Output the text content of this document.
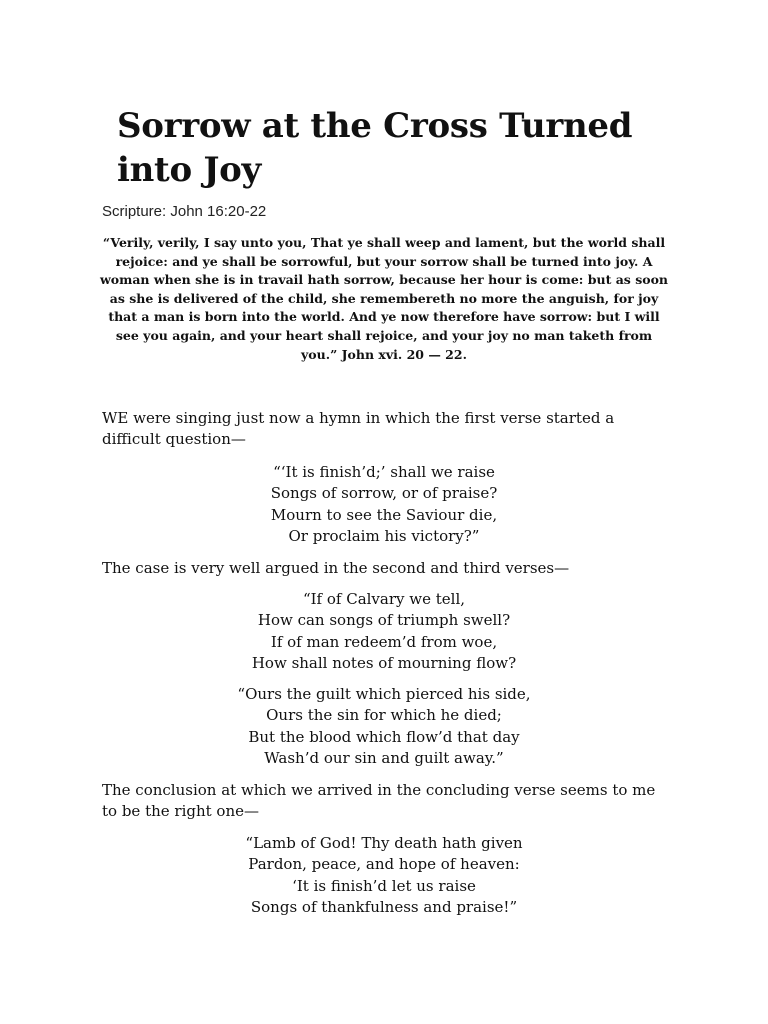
Sorrow at the Cross Turned into Joy
Scripture: John 16:20-22

“Verily, verily, I say unto you, That ye shall weep and lament, but the world shall rejoice: and ye shall be sorrowful, but your sorrow shall be turned into joy. A woman when she is in travail hath sorrow, because her hour is come: but as soon as she is delivered of the child, she remembereth no more the anguish, for joy that a man is born into the world. And ye now therefore have sorrow: but I will see you again, and your heart shall rejoice, and your joy no man taketh from you.” John xvi. 20 — 22.

WE were singing just now a hymn in which the first verse started a difficult question—

“‘It is finish’d;’ shall we raise
Songs of sorrow, or of praise?
Mourn to see the Saviour die,
Or proclaim his victory?”

The case is very well argued in the second and third verses—

“If of Calvary we tell,
How can songs of triumph swell?
If of man redeem’d from woe,
How shall notes of mourning flow?
“Ours the guilt which pierced his side,
Ours the sin for which he died;
But the blood which flow’d that day
Wash’d our sin and guilt away.”

The conclusion at which we arrived in the concluding verse seems to me to be the right one—

“Lamb of God! Thy death hath given
Pardon, peace, and hope of heaven:
‘It is finish’d let us raise
Songs of thankfulness and praise!”
